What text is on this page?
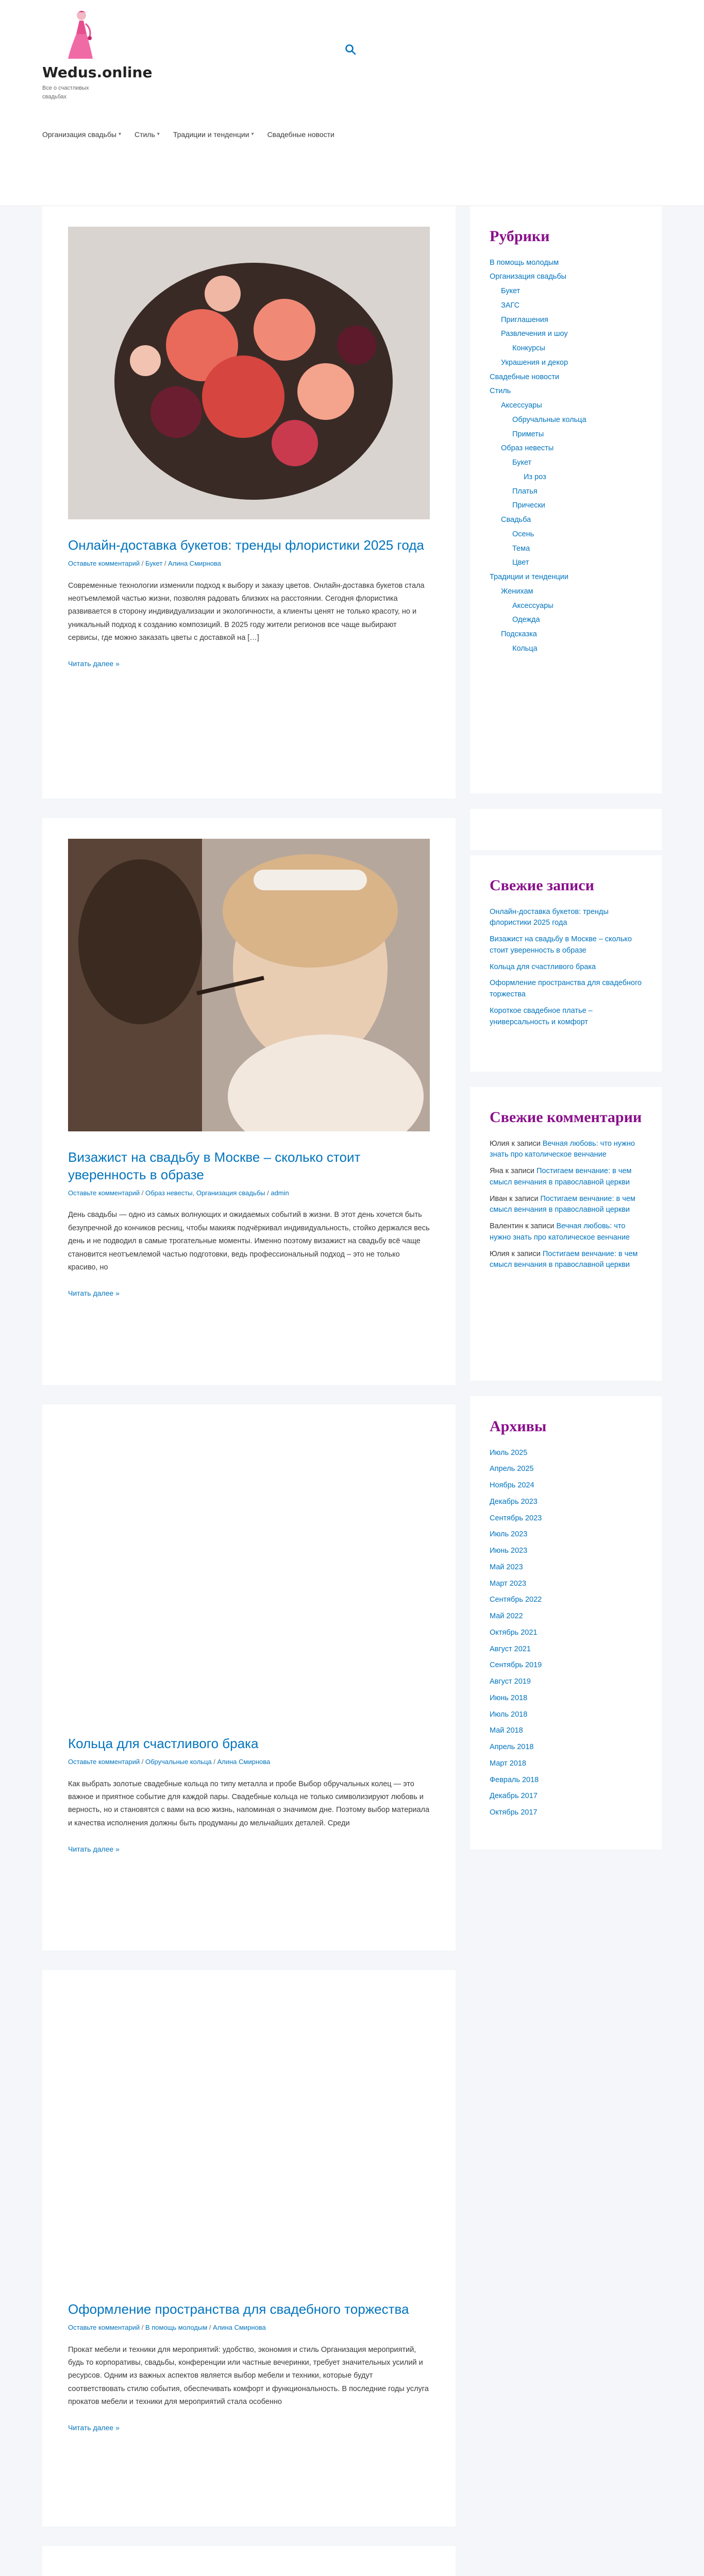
Wedus.online
Все о счастливых свадьбах
Организация свадьбы ▾ Стиль ▾ Традиции и тенденции ▾ Свадебные новости
Онлайн-доставка букетов: тренды флористики 2025 года
Оставьте комментарий / Букет / Алина Смирнова

Современные технологии изменили подход к выбору и заказу цветов. Онлайн-доставка букетов стала неотъемлемой частью жизни, позволяя радовать близких на расстоянии. Сегодня флористика развивается в сторону индивидуализации и экологичности, а клиенты ценят не только красоту, но и уникальный подход к созданию композиций. В 2025 году жители регионов все чаще выбирают сервисы, где можно заказать цветы с доставкой на […]

Читать далее »
Визажист на свадьбу в Москве – сколько стоит уверенность в образе
Оставьте комментарий / Образ невесты, Организация свадьбы / admin

День свадьбы — одно из самых волнующих и ожидаемых событий в жизни. В этот день хочется быть безупречной до кончиков ресниц, чтобы макияж подчёркивал индивидуальность, стойко держался весь день и не подводил в самые трогательные моменты. Именно поэтому визажист на свадьбу всё чаще становится неотъемлемой частью подготовки, ведь профессиональный подход – это не только красиво, но

Читать далее »
Кольца для счастливого брака
Оставьте комментарий / Обручальные кольца / Алина Смирнова

Как выбрать золотые свадебные кольца по типу металла и пробе Выбор обручальных колец — это важное и приятное событие для каждой пары. Свадебные кольца не только символизируют любовь и верность, но и становятся с вами на всю жизнь, напоминая о значимом дне. Поэтому выбор материала и качества исполнения должны быть продуманы до мельчайших деталей. Среди

Читать далее »
Оформление пространства для свадебного торжества
Оставьте комментарий / В помощь молодым / Алина Смирнова

Прокат мебели и техники для мероприятий: удобство, экономия и стиль Организация мероприятий, будь то корпоративы, свадьбы, конференции или частные вечеринки, требует значительных усилий и ресурсов. Одним из важных аспектов является выбор мебели и техники, которые будут соответствовать стилю события, обеспечивать комфорт и функциональность. В последние годы услуга прокатов мебели и техники для мероприятий стала особенно

Читать далее »

Рубрики
В помощь молодым
Организация свадьбы
Букет
ЗАГС
Приглашения
Развлечения и шоу
Конкурсы
Украшения и декор
Свадебные новости
Стиль
Аксессуары
Обручальные кольца
Приметы
Образ невесты
Букет
Из роз
Платья
Прически
Свадьба
Осень
Тема
Цвет
Традиции и тенденции
Женихам
Аксессуары
Одежда
Подсказка
Кольца
Свежие записи
Онлайн-доставка букетов: тренды флористики 2025 года
Визажист на свадьбу в Москве – сколько стоит уверенность в образе
Кольца для счастливого брака
Оформление пространства для свадебного торжества
Короткое свадебное платье – универсальность и комфорт
Свежие комментарии
Юлия к записи Вечная любовь: что нужно знать про католическое венчание
Яна к записи Постигаем венчание: в чем смысл венчания в православной церкви
Иван к записи Постигаем венчание: в чем смысл венчания в православной церкви
Валентин к записи Вечная любовь: что нужно знать про католическое венчание
Юлия к записи Постигаем венчание: в чем смысл венчания в православной церкви
Архивы
Июль 2025
Апрель 2025
Ноябрь 2024
Декабрь 2023
Сентябрь 2023
Июль 2023
Июнь 2023
Май 2023
Март 2023
Сентябрь 2022
Май 2022
Октябрь 2021
Август 2021
Сентябрь 2019
Август 2019
Июнь 2018
Июль 2018
Май 2018
Апрель 2018
Март 2018
Февраль 2018
Декабрь 2017
Октябрь 2017
